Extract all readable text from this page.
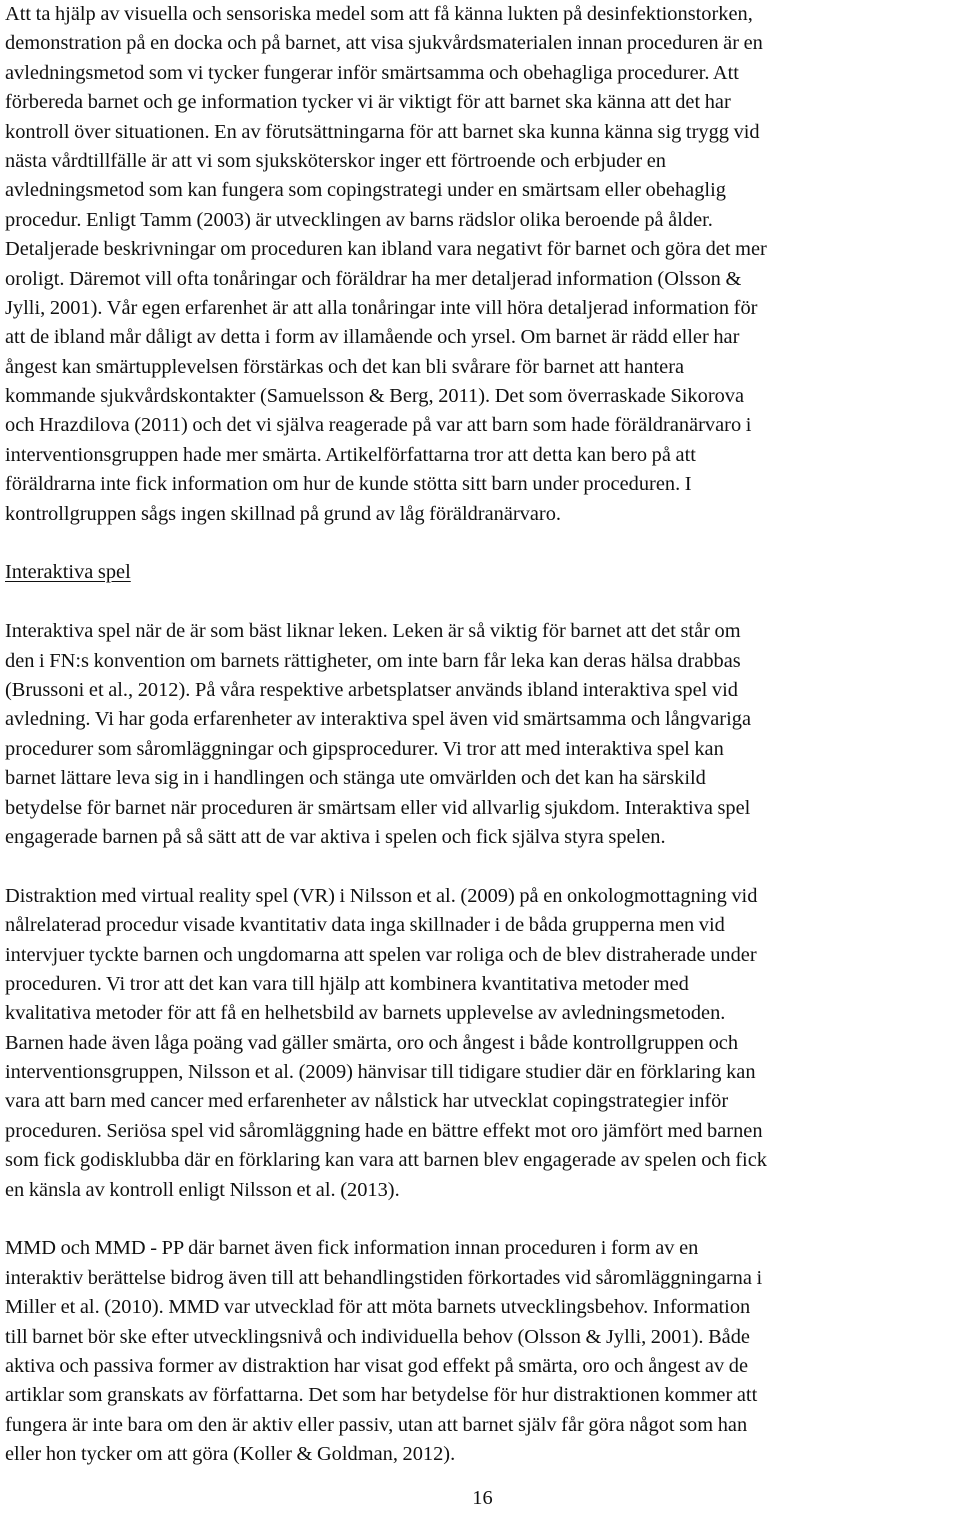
Att ta hjälp av visuella och sensoriska medel som att få känna lukten på desinfektionstorken,
demonstration på en docka och på barnet, att visa sjukvårdsmaterialen innan proceduren är en
avledningsmetod som vi tycker fungerar inför smärtsamma och obehagliga procedurer. Att
förbereda barnet och ge information tycker vi är viktigt för att barnet ska känna att det har
kontroll över situationen. En av förutsättningarna för att barnet ska kunna känna sig trygg vid
nästa vårdtillfälle är att vi som sjuksköterskor inger ett förtroende och erbjuder en
avledningsmetod som kan fungera som copingstrategi under en smärtsam eller obehaglig
procedur. Enligt Tamm (2003) är utvecklingen av barns rädslor olika beroende på ålder.
Detaljerade beskrivningar om proceduren kan ibland vara negativt för barnet och göra det mer
oroligt. Däremot vill ofta tonåringar och föräldrar ha mer detaljerad information (Olsson &
Jylli, 2001). Vår egen erfarenhet är att alla tonåringar inte vill höra detaljerad information för
att de ibland mår dåligt av detta i form av illamående och yrsel. Om barnet är rädd eller har
ångest kan smärtupplevelsen förstärkas och det kan bli svårare för barnet att hantera
kommande sjukvårdskontakter (Samuelsson & Berg, 2011). Det som överraskade Sikorova
och Hrazdilova (2011) och det vi själva reagerade på var att barn som hade föräldranärvaro i
interventionsgruppen hade mer smärta. Artikelförfattarna tror att detta kan bero på att
föräldrarna inte fick information om hur de kunde stötta sitt barn under proceduren. I
kontrollgruppen sågs ingen skillnad på grund av låg föräldranärvaro.
Interaktiva spel
Interaktiva spel när de är som bäst liknar leken. Leken är så viktig för barnet att det står om
den i FN:s konvention om barnets rättigheter, om inte barn får leka kan deras hälsa drabbas
(Brussoni et al., 2012). På våra respektive arbetsplatser används ibland interaktiva spel vid
avledning. Vi har goda erfarenheter av interaktiva spel även vid smärtsamma och långvariga
procedurer som såromläggningar och gipsprocedurer. Vi tror att med interaktiva spel kan
barnet lättare leva sig in i handlingen och stänga ute omvärlden och det kan ha särskild
betydelse för barnet när proceduren är smärtsam eller vid allvarlig sjukdom. Interaktiva spel
engagerade barnen på så sätt att de var aktiva i spelen och fick själva styra spelen.
Distraktion med virtual reality spel (VR) i Nilsson et al. (2009) på en onkologmottagning vid
nålrelaterad procedur visade kvantitativ data inga skillnader i de båda grupperna men vid
intervjuer tyckte barnen och ungdomarna att spelen var roliga och de blev distraherade under
proceduren. Vi tror att det kan vara till hjälp att kombinera kvantitativa metoder med
kvalitativa metoder för att få en helhetsbild av barnets upplevelse av avledningsmetoden.
Barnen hade även låga poäng vad gäller smärta, oro och ångest i både kontrollgruppen och
interventionsgruppen, Nilsson et al. (2009) hänvisar till tidigare studier där en förklaring kan
vara att barn med cancer med erfarenheter av nålstick har utvecklat copingstrategier inför
proceduren. Seriösa spel vid såromläggning hade en bättre effekt mot oro jämfört med barnen
som fick godisklubba där en förklaring kan vara att barnen blev engagerade av spelen och fick
en känsla av kontroll enligt Nilsson et al. (2013).
MMD och MMD - PP där barnet även fick information innan proceduren i form av en
interaktiv berättelse bidrog även till att behandlingstiden förkortades vid såromläggningarna i
Miller et al. (2010). MMD var utvecklad för att möta barnets utvecklingsbehov. Information
till barnet bör ske efter utvecklingsnivå och individuella behov (Olsson & Jylli, 2001). Både
aktiva och passiva former av distraktion har visat god effekt på smärta, oro och ångest av de
artiklar som granskats av författarna. Det som har betydelse för hur distraktionen kommer att
fungera är inte bara om den är aktiv eller passiv, utan att barnet själv får göra något som han
eller hon tycker om att göra (Koller & Goldman, 2012).
16
